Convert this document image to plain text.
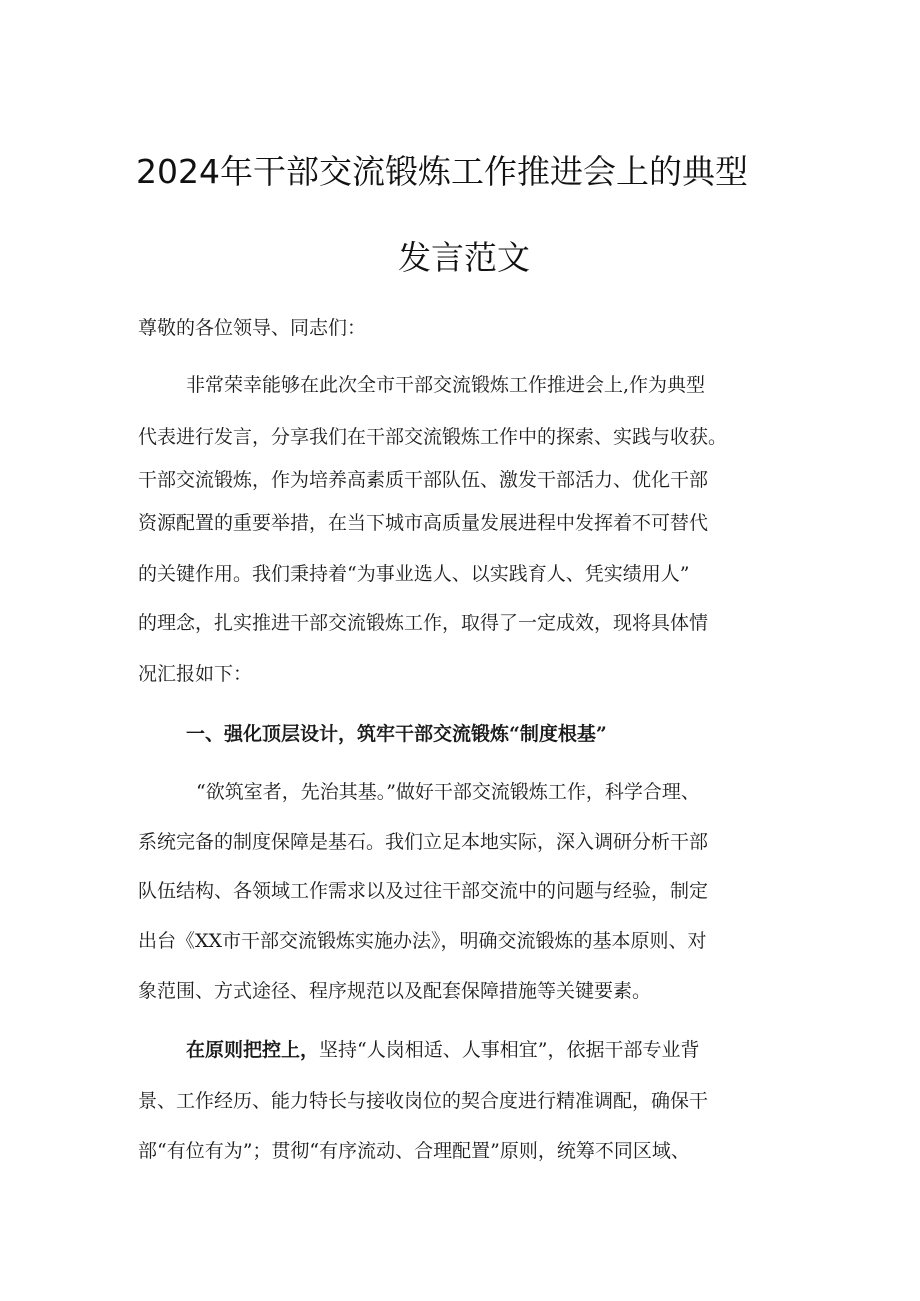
2024年干部交流锻炼工作推进会上的典型
发言范文
尊敬的各位领导、同志们：
非常荣幸能够在此次全市干部交流锻炼工作推进会上,作为典型
代表进行发言，分享我们在干部交流锻炼工作中的探索、实践与收获。
干部交流锻炼，作为培养高素质干部队伍、激发干部活力、优化干部
资源配置的重要举措，在当下城市高质量发展进程中发挥着不可替代
的关键作用。我们秉持着“为事业选人、以实践育人、凭实绩用人”
的理念，扎实推进干部交流锻炼工作，取得了一定成效，现将具体情
况汇报如下：
一、强化顶层设计，筑牢干部交流锻炼“制度根基”
“欲筑室者，先治其基。”做好干部交流锻炼工作，科学合理、
系统完备的制度保障是基石。我们立足本地实际，深入调研分析干部
队伍结构、各领域工作需求以及过往干部交流中的问题与经验，制定
出台《XX市干部交流锻炼实施办法》，明确交流锻炼的基本原则、对
象范围、方式途径、程序规范以及配套保障措施等关键要素。
在原则把控上，坚持“人岗相适、人事相宜”，依据干部专业背
景、工作经历、能力特长与接收岗位的契合度进行精准调配，确保干
部“有位有为”；贯彻“有序流动、合理配置”原则，统筹不同区域、
